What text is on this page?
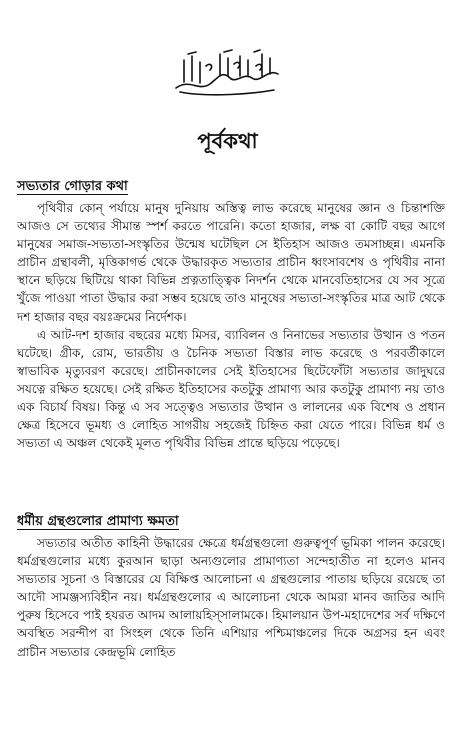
পূর্বকথা
সভ্যতার গোড়ার কথা

পৃথিবীর কোন্ পর্যায়ে মানুষ দুনিয়ায় অস্তিত্ব লাভ করেছে মানুষের জ্ঞান ও চিন্তাশক্তি আজও সে তথ্যের সীমান্ত স্পর্শ করতে পারেনি। কতো হাজার, লক্ষ বা কোটি বছর আগে মানুষের সমাজ-সভ্যতা-সংস্কৃতির উন্মেষ ঘটেছিল সে ইতিহাস আজও তমসাচ্ছন্ন। এমনকি প্রাচীন গ্রন্থাবলী, মৃত্তিকাগর্ভ থেকে উদ্ধারকৃত সভ্যতার প্রাচীন ধ্বংসাবশেষ ও পৃথিবীর নানা স্থানে ছড়িয়ে ছিটিয়ে থাকা বিভিন্ন প্রত্নতাত্ত্বিক নিদর্শন থেকে মানবেতিহাসের যে সব সূত্রে খুঁজে পাওয়া পাতা উদ্ধার করা সম্ভব হয়েছে তাও মানুষের সভ্যতা-সংস্কৃতির মাত্র আট থেকে দশ হাজার বছর বয়ঃক্রমের নির্দেশক।

এ আট-দশ হাজার বছরের মধ্যে মিসর, ব্যাবিলন ও নিনাভের সভ্যতার উত্থান ও পতন ঘটেছে। গ্রীক, রোম, ভারতীয় ও চৈনিক সভ্যতা বিস্তার লাভ করেছে ও পরবর্তীকালে স্বাভাবিক মৃত্যুবরণ করেছে। প্রাচীনকালের সেই ইতিহাসের ছিটেফোঁটা সভ্যতার জাদুঘরে সযত্নে রক্ষিত হয়েছে। সেই রক্ষিত ইতিহাসের কতটুকু প্রামাণ্য আর কতটুকু প্রামাণ্য নয় তাও এক বিচার্য বিষয়। কিন্তু এ সব সত্ত্বেও সভ্যতার উত্থান ও লালনের এক বিশেষ ও প্রধান ক্ষেত্র হিসেবে ভূমধ্য ও লোহিত সাগরীয় সহজেই চিহ্নিত করা যেতে পারে। বিভিন্ন ধর্ম ও সভ্যতা এ অঞ্চল থেকেই মূলত পৃথিবীর বিভিন্ন প্রান্তে ছড়িয়ে পড়েছে।

ধর্মীয় গ্রন্থগুলোর প্রামাণ্য ক্ষমতা

সভ্যতার অতীত কাহিনী উদ্ধারের ক্ষেত্রে ধর্মগ্রন্থগুলো গুরুত্বপূর্ণ ভূমিকা পালন করেছে। ধর্মগ্রন্থগুলোর মধ্যে কুরআন ছাড়া অন্যগুলোর প্রামাণ্যতা সন্দেহাতীত না হলেও মানব সভ্যতার সূচনা ও বিস্তারের যে বিক্ষিপ্ত আলোচনা এ গ্রন্থগুলোর পাতায় ছড়িয়ে রয়েছে তা আদৌ সামঞ্জস্যবিহীন নয়। ধর্মগ্রন্থগুলোর এ আলোচনা থেকে আমরা মানব জাতির আদি পুরুষ হিসেবে পাই হযরত আদম আলায়হিস্সালামকে। হিমালয়ান উপ-মহাদেশের সর্ব দক্ষিণে অবস্থিত সরন্দীপ বা সিংহল থেকে তিনি এশিয়ার পশ্চিমাঞ্চলের দিকে অগ্রসর হন এবং প্রাচীন সভ্যতার কেন্দ্রভূমি লোহিত
